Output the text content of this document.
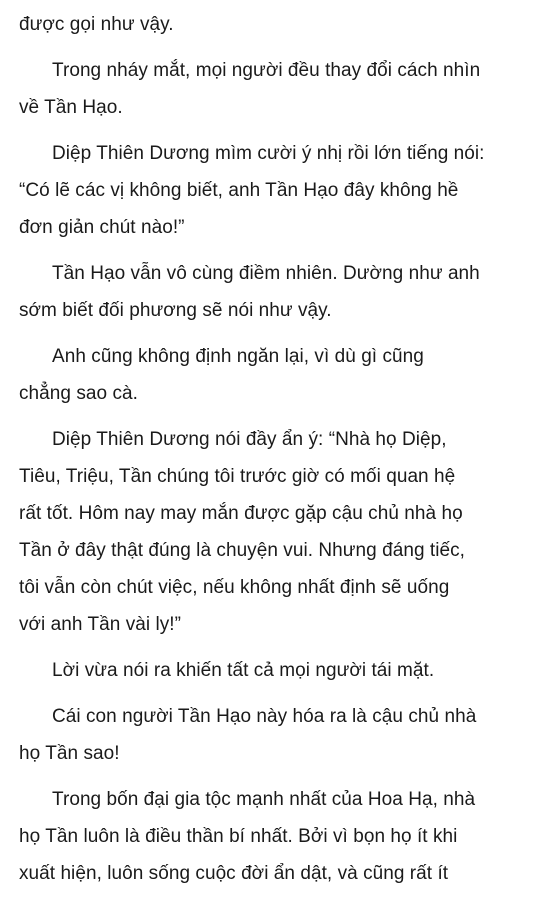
được gọi như vậy.
Trong nháy mắt, mọi người đều thay đổi cách nhìn
về Tần Hạo.
Diệp Thiên Dương mìm cười ý nhị rồi lớn tiếng nói:
“Có lẽ các vị không biết, anh Tần Hạo đây không hề
đơn giản chút nào!”
Tần Hạo vẫn vô cùng điềm nhiên. Dường như anh
sớm biết đối phương sẽ nói như vậy.
Anh cũng không định ngăn lại, vì dù gì cũng
chẳng sao cà.
Diệp Thiên Dương nói đầy ẩn ý: “Nhà họ Diệp,
Tiêu, Triệu, Tần chúng tôi trước giờ có mối quan hệ
rất tốt. Hôm nay may mắn được gặp cậu chủ nhà họ
Tần ở đây thật đúng là chuyện vui. Nhưng đáng tiếc,
tôi vẫn còn chút việc, nếu không nhất định sẽ uống
với anh Tần vài ly!”
Lời vừa nói ra khiến tất cả mọi người tái mặt.
Cái con người Tần Hạo này hóa ra là cậu chủ nhà
họ Tần sao!
Trong bốn đại gia tộc mạnh nhất của Hoa Hạ, nhà
họ Tần luôn là điều thần bí nhất. Bởi vì bọn họ ít khi
xuất hiện, luôn sống cuộc đời ẩn dật, và cũng rất ít
